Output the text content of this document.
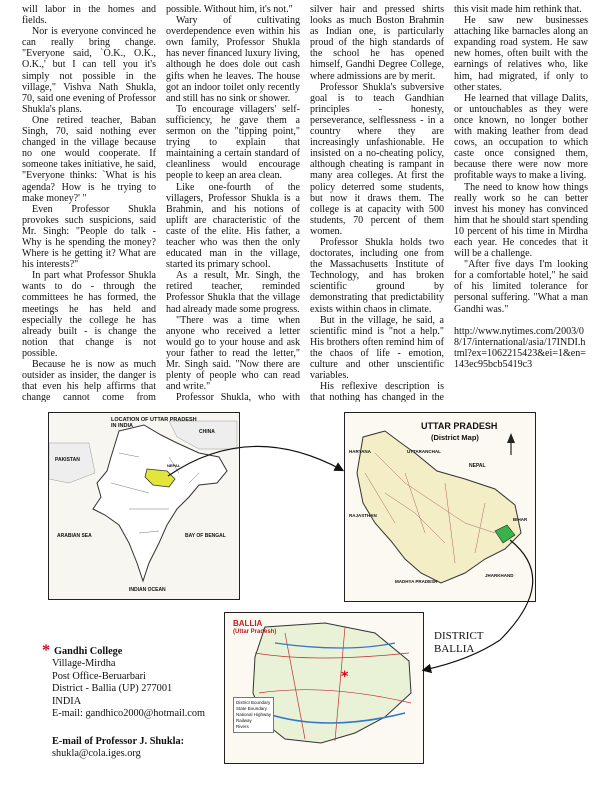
will labor in the homes and fields.

Nor is everyone convinced he can really bring change. "Everyone said, `O.K., O.K., O.K.,' but I can tell you it's simply not possible in the village," Vishva Nath Shukla, 70, said one evening of Professor Shukla's plans.

One retired teacher, Baban Singh, 70, said nothing ever changed in the village because no one would cooperate. If someone takes initiative, he said, "Everyone thinks: `What is his agenda? How is he trying to make money?' "

Even Professor Shukla provokes such suspicions, said Mr. Singh: "People do talk - Why is he spending the money? Where is he getting it? What are his interests?"

In part what Professor Shukla wants to do - through the committees he has formed, the meetings he has held and especially the college he has already built - is change the notion that change is not possible.

Because he is now as much outsider as insider, the danger is that even his help affirms that change cannot come from

possible. Without him, it's not."

Wary of cultivating overdependence even within his own family, Professor Shukla has never financed luxury living, although he does dole out cash gifts when he leaves. The house got an indoor toilet only recently and still has no sink or shower.

To encourage villagers' self-sufficiency, he gave them a sermon on the "tipping point," trying to explain that maintaining a certain standard of cleanliness would encourage people to keep an area clean.

Like one-fourth of the villagers, Professor Shukla is a Brahmin, and his notions of uplift are characteristic of the caste of the elite. His father, a teacher who was then the only educated man in the village, started its primary school.

As a result, Mr. Singh, the retired teacher, reminded Professor Shukla that the village had already made some progress.

"There was a time when anyone who received a letter would go to your house and ask your father to read the letter," Mr. Singh said. "Now there are plenty of people who can read and write."

Professor Shukla, who with

silver hair and pressed shirts looks as much Boston Brahmin as Indian one, is particularly proud of the high standards of the school he has opened himself, Gandhi Degree College, where admissions are by merit.

Professor Shukla's subversive goal is to teach Gandhian principles - honesty, perseverance, selflessness - in a country where they are increasingly unfashionable. He insisted on a no-cheating policy, although cheating is rampant in many area colleges. At first the policy deterred some students, but now it draws them. The college is at capacity with 500 students, 70 percent of them women.

Professor Shukla holds two doctorates, including one from the Massachusetts Institute of Technology, and has broken scientific ground by demonstrating that predictability exists within chaos in climate.

But in the village, he said, a scientific mind is "not a help." His brothers often remind him of the chaos of life - emotion, culture and other unscientific variables.

His reflexive description is that nothing has changed in the

this visit made him rethink that.

He saw new businesses attaching like barnacles along an expanding road system. He saw new homes, often built with the earnings of relatives who, like him, had migrated, if only to other states.

He learned that village Dalits, or untouchables as they were once known, no longer bother with making leather from dead cows, an occupation to which caste once consigned them, because there were now more profitable ways to make a living.

The need to know how things really work so he can better invest his money has convinced him that he should start spending 10 percent of his time in Mirdha each year. He concedes that it will be a challenge.

"After five days I'm looking for a comfortable hotel," he said of his limited tolerance for personal suffering. "What a man Gandhi was."

http://www.nytimes.com/2003/08/17/international/asia/17INDI.html?ex=1062215423&ei=1&en=143ec95bcb5419c3

LOCATION OF UTTAR PRADESH IN INDIA
PAKISTAN
CHINA
NEPAL
ARABIAN SEA	BAY OF BENGAL
INDIAN OCEAN
UTTAR PRADESH
(District Map)
UTTARANCHAL
NEPAL
HARYANA
RAJASTHAN
MADHYA PRADESH
BIHAR
JHARKHAND
*
BALLIA
(Uttar Pradesh)
District Boundary
State Boundary
National Highway
Railway
Rivers
DISTRICT
BALLIA
* Gandhi College
Village-Mirdha
Post Office-Beruarbari
District - Ballia (UP) 277001
INDIA
E-mail: gandhico2000@hotmail.com
E-mail of Professor J. Shukla:
shukla@cola.iges.org
